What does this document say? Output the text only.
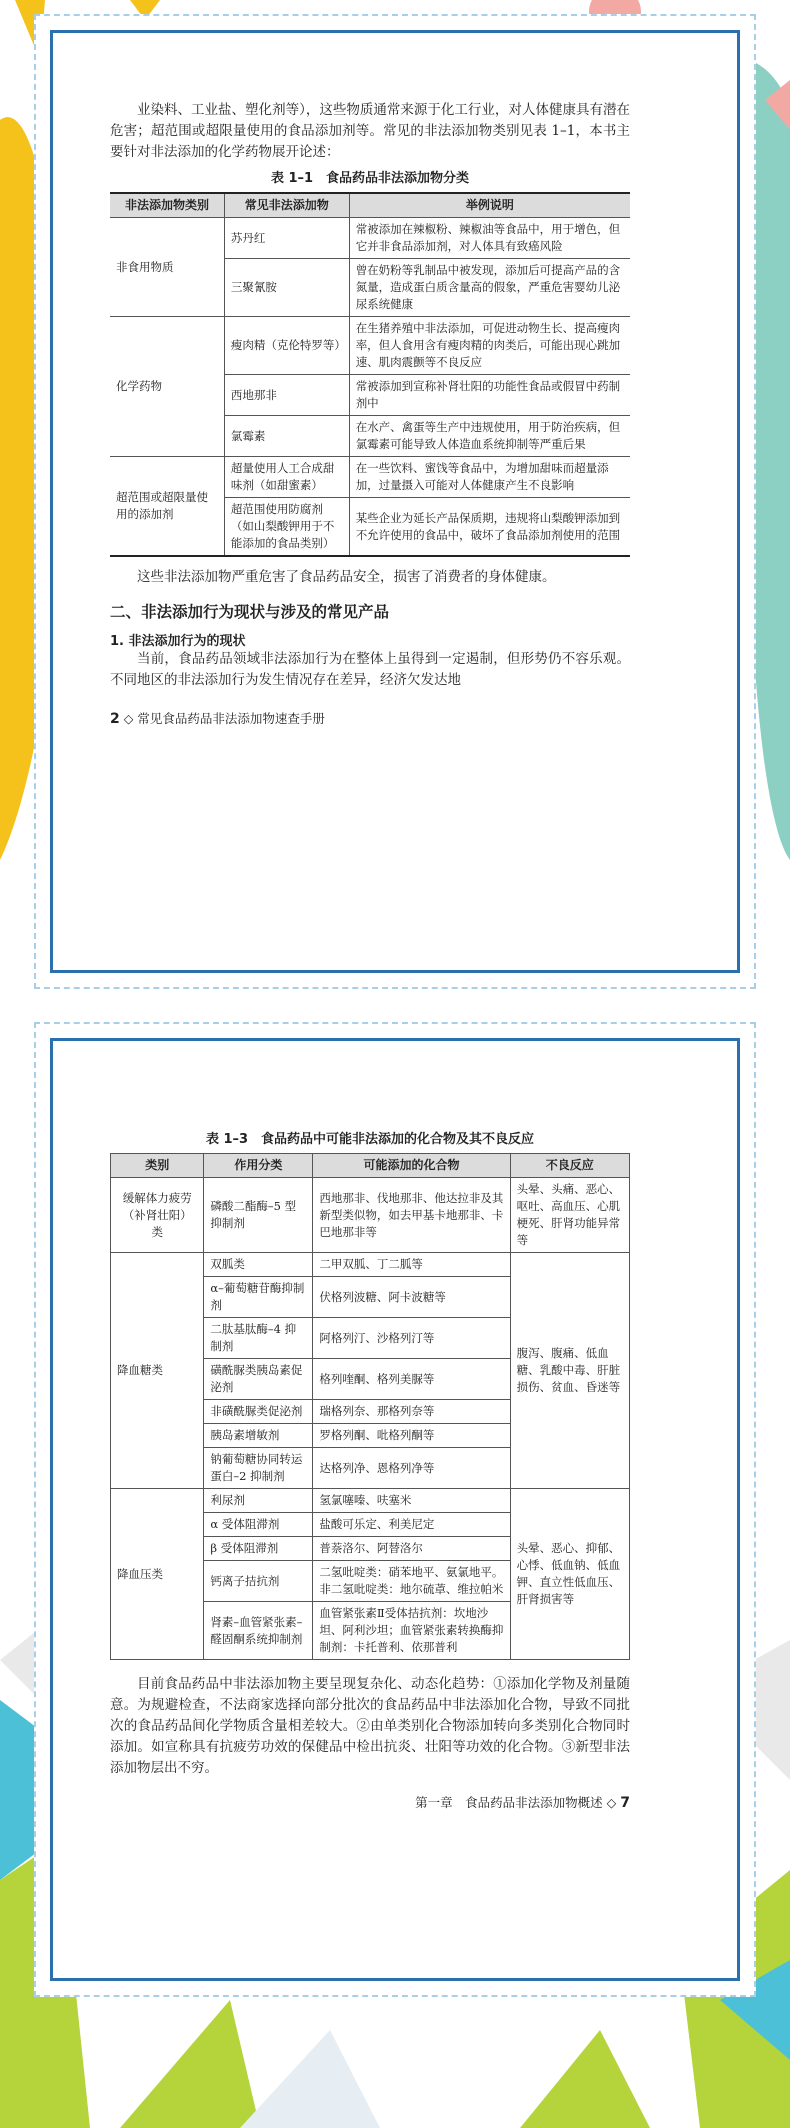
业染料、工业盐、塑化剂等），这些物质通常来源于化工行业，对人体健康具有潜在危害；超范围或超限量使用的食品添加剂等。常见的非法添加物类别见表 1–1，本书主要针对非法添加的化学药物展开论述：

表 1–1　食品药品非法添加物分类
非法添加物类别	常见非法添加物	举例说明
非食用物质	苏丹红	常被添加在辣椒粉、辣椒油等食品中，用于增色，但它并非食品添加剂，对人体具有致癌风险
	三聚氰胺	曾在奶粉等乳制品中被发现，添加后可提高产品的含氮量，造成蛋白质含量高的假象，严重危害婴幼儿泌尿系统健康
化学药物	瘦肉精（克伦特罗等）	在生猪养殖中非法添加，可促进动物生长、提高瘦肉率，但人食用含有瘦肉精的肉类后，可能出现心跳加速、肌肉震颤等不良反应
	西地那非	常被添加到宣称补肾壮阳的功能性食品或假冒中药制剂中
	氯霉素	在水产、禽蛋等生产中违规使用，用于防治疾病，但氯霉素可能导致人体造血系统抑制等严重后果
超范围或超限量使用的添加剂	超量使用人工合成甜味剂（如甜蜜素）	在一些饮料、蜜饯等食品中，为增加甜味而超量添加，过量摄入可能对人体健康产生不良影响
	超范围使用防腐剂（如山梨酸钾用于不能添加的食品类别）	某些企业为延长产品保质期，违规将山梨酸钾添加到不允许使用的食品中，破坏了食品添加剂使用的范围

这些非法添加物严重危害了食品药品安全，损害了消费者的身体健康。

二、非法添加行为现状与涉及的常见产品
1. 非法添加行为的现状

当前，食品药品领域非法添加行为在整体上虽得到一定遏制，但形势仍不容乐观。不同地区的非法添加行为发生情况存在差异，经济欠发达地

2 ◇ 常见食品药品非法添加物速查手册
表 1–3　食品药品中可能非法添加的化合物及其不良反应
类别	作用分类	可能添加的化合物	不良反应
缓解体力疲劳（补肾壮阳）类	磷酸二酯酶–5 型抑制剂	西地那非、伐地那非、他达拉非及其新型类似物，如去甲基卡地那非、卡巴地那非等	头晕、头痛、恶心、呕吐、高血压、心肌梗死、肝肾功能异常等
降血糖类	双胍类	二甲双胍、丁二胍等	腹泻、腹痛、低血糖、乳酸中毒、肝脏损伤、贫血、昏迷等
	α–葡萄糖苷酶抑制剂	伏格列波糖、阿卡波糖等	
	二肽基肽酶–4 抑制剂	阿格列汀、沙格列汀等	
	磺酰脲类胰岛素促泌剂	格列喹酮、格列美脲等	
	非磺酰脲类促泌剂	瑞格列奈、那格列奈等	
	胰岛素增敏剂	罗格列酮、吡格列酮等	
	钠葡萄糖协同转运蛋白–2 抑制剂	达格列净、恩格列净等	
降血压类	利尿剂	氢氯噻嗪、呋塞米	头晕、恶心、抑郁、心悸、低血钠、低血钾、直立性低血压、肝肾损害等
	α 受体阻滞剂	盐酸可乐定、利美尼定	
	β 受体阻滞剂	普萘洛尔、阿替洛尔	
	钙离子拮抗剂	二氢吡啶类：硝苯地平、氨氯地平。非二氢吡啶类：地尔硫䓬、维拉帕米	
	肾素–血管紧张素–醛固酮系统抑制剂	血管紧张素Ⅱ受体拮抗剂：坎地沙坦、阿利沙坦；血管紧张素转换酶抑制剂：卡托普利、依那普利	

目前食品药品中非法添加物主要呈现复杂化、动态化趋势：①添加化学物及剂量随意。为规避检查，不法商家选择向部分批次的食品药品中非法添加化合物，导致不同批次的食品药品间化学物质含量相差较大。②由单类别化合物添加转向多类别化合物同时添加。如宣称具有抗疲劳功效的保健品中检出抗炎、壮阳等功效的化合物。③新型非法添加物层出不穷。

第一章　食品药品非法添加物概述 ◇ 7
